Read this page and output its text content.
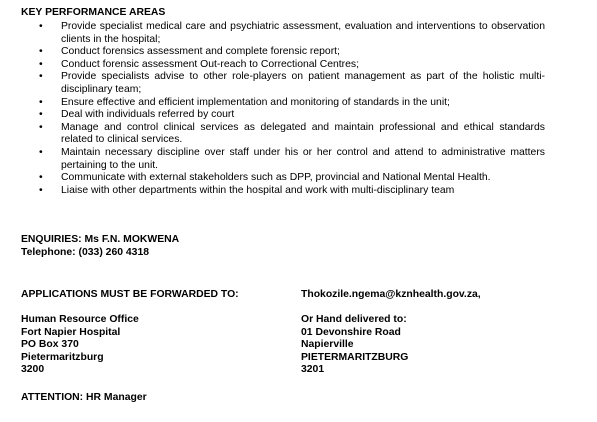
KEY PERFORMANCE AREAS
• Provide specialist medical care and psychiatric assessment, evaluation and interventions to observation clients in the hospital;
• Conduct forensics assessment and complete forensic report;
• Conduct forensic assessment Out-reach to Correctional Centres;
• Provide specialists advise to other role-players on patient management as part of the holistic multi-disciplinary team;
• Ensure effective and efficient implementation and monitoring of standards in the unit;
• Deal with individuals referred by court
• Manage and control clinical services as delegated and maintain professional and ethical standards related to clinical services.
• Maintain necessary discipline over staff under his or her control and attend to administrative matters pertaining to the unit.
• Communicate with external stakeholders such as DPP, provincial and National Mental Health.
• Liaise with other departments within the hospital and work with multi-disciplinary team
ENQUIRIES: Ms F.N. MOKWENA
Telephone: (033) 260 4318
APPLICATIONS MUST BE FORWARDED TO:	Thokozile.ngema@kznhealth.gov.za,
Human Resource Office
Fort Napier Hospital
PO Box 370
Pietermaritzburg
3200
Or Hand delivered to:
01 Devonshire Road
Napierville
PIETERMARITZBURG
3201
ATTENTION: HR Manager
